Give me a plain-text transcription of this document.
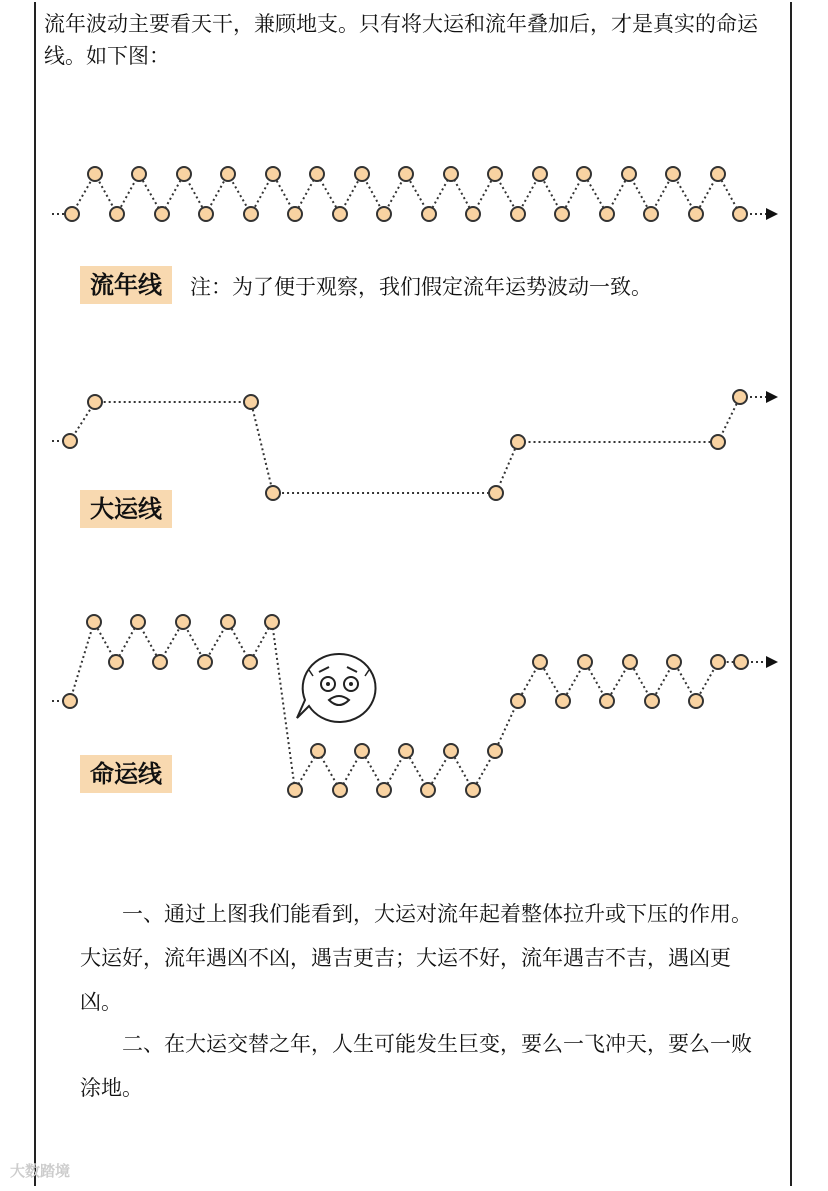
流年波动主要看天干，兼顾地支。只有将大运和流年叠加后，才是真实的命运线。如下图：
流年线	注：为了便于观察，我们假定流年运势波动一致。
大运线
命运线
一、通过上图我们能看到，大运对流年起着整体拉升或下压的作用。大运好，流年遇凶不凶，遇吉更吉；大运不好，流年遇吉不吉，遇凶更凶。
二、在大运交替之年，人生可能发生巨变，要么一飞冲天，要么一败涂地。
大数踏境
